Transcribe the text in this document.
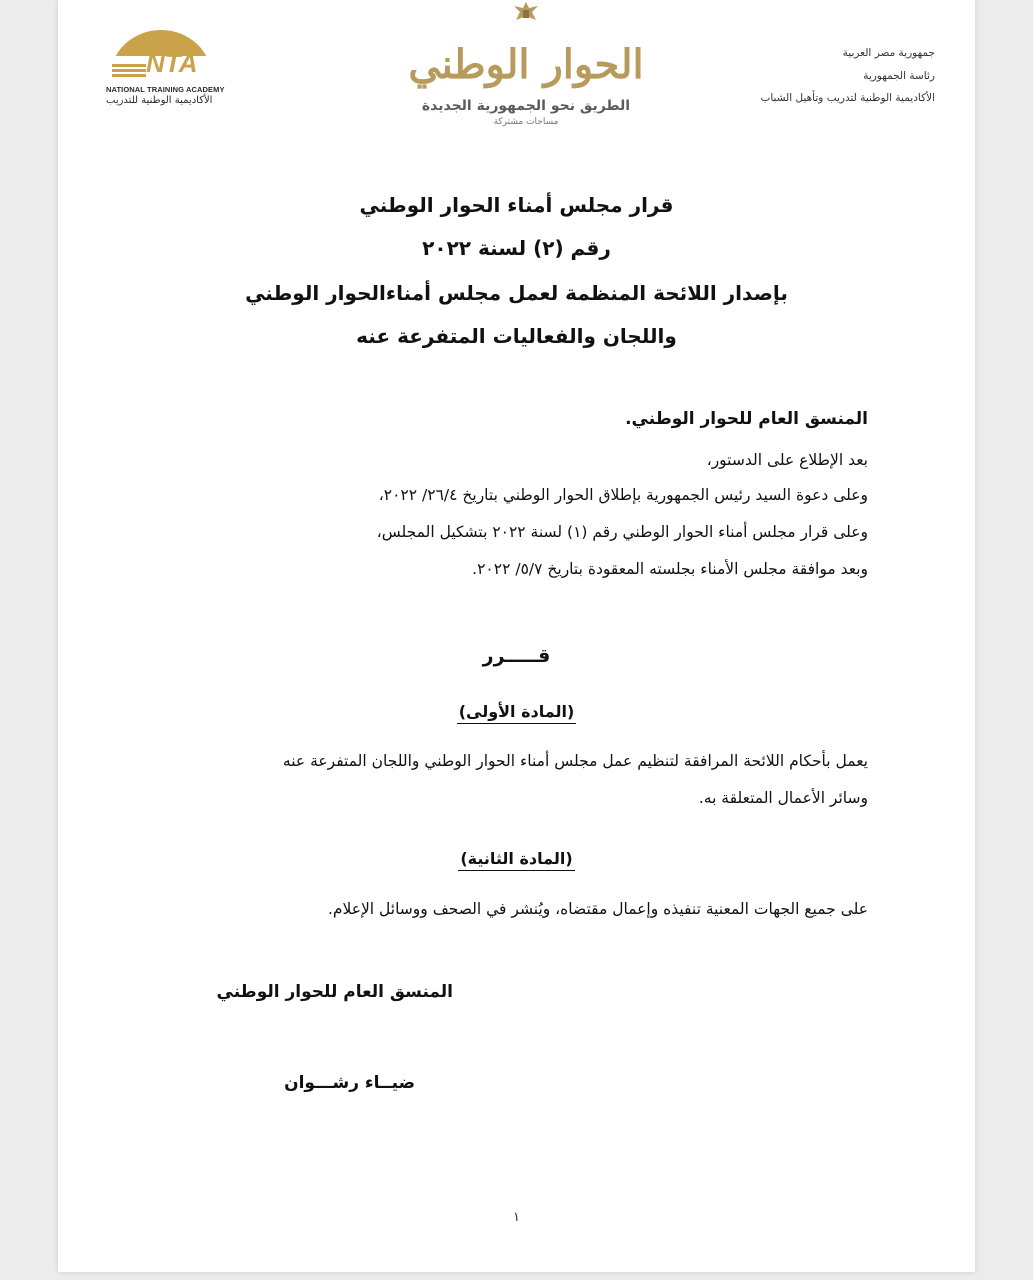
NTA
NATIONAL TRAINING ACADEMY
الأكاديمية الوطنية للتدريب
الحوار الوطني
الطريق نحو الجمهورية الجديدة
مساحات مشتركة
جمهورية مصر العربية
رئاسة الجمهورية
الأكاديمية الوطنية لتدريب وتأهيل الشباب
قرار مجلس أمناء الحوار الوطني
رقم (٢) لسنة ٢٠٢٢
بإصدار اللائحة المنظمة لعمل مجلس أمناءالحوار الوطني
واللجان والفعاليات المتفرعة عنه
المنسق العام للحوار الوطني.
بعد الإطلاع على الدستور،
وعلى دعوة السيد رئيس الجمهورية بإطلاق الحوار الوطني بتاريخ ٢٦/٤/ ٢٠٢٢،
وعلى قرار مجلس أمناء الحوار الوطني رقم (١) لسنة ٢٠٢٢ بتشكيل المجلس،
وبعد موافقة مجلس الأمناء بجلسته المعقودة بتاريخ ٥/٧/ ٢٠٢٢.
قـــــرر
(المادة الأولى)
يعمل بأحكام اللائحة المرافقة لتنظيم عمل مجلس أمناء الحوار الوطني واللجان المتفرعة عنه
وسائر الأعمال المتعلقة به.
(المادة الثانية)
على جميع الجهات المعنية تنفيذه وإعمال مقتضاه، ويُنشر في الصحف ووسائل الإعلام.
المنسق العام للحوار الوطني
ضيــاء رشـــوان
١
